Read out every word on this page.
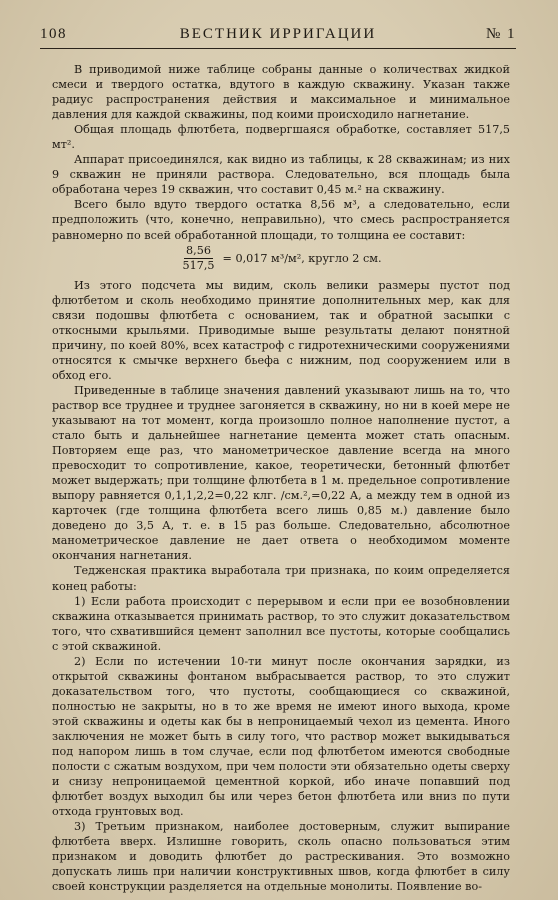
108	ВЕСТНИК ИРРИГАЦИИ	№ 1

В приводимой ниже таблице собраны данные о количествах жидкой смеси и твердого остатка, вдутого в каждую скважину. Указан также радиус распространения действия и максимальное и минимальное давления для каждой скважины, под коими происходило нагнетание.

Общая площадь флютбета, подвергшаяся обработке, составляет 517,5 мт².

Аппарат присоединялся, как видно из таблицы, к 28 скважинам; из них 9 скважин не приняли раствора. Следовательно, вся площадь была обработана через 19 скважин, что составит 0,45 м.² на скважину.

Всего было вдуто твердого остатка 8,56 м³, а следовательно, если предположить (что, конечно, неправильно), что смесь распространяется равномерно по всей обработанной площади, то толщина ее составит:

$\frac{8,56}{517,5} = 0,017$ м³/м², кругло 2 см.

Из этого подсчета мы видим, сколь велики размеры пустот под флютбетом и сколь необходимо принятие дополнительных мер, как для связи подошвы флютбета с основанием, так и обратной засыпки с откосными крыльями. Приводимые выше результаты делают понятной причину, по коей 80%, всех катастроф с гидротехническими сооружениями относятся к смычке верхнего бьефа с нижним, под сооружением или в обход его.

Приведенные в таблице значения давлений указывают лишь на то, что раствор все труднее и труднее загоняется в скважину, но ни в коей мере не указывают на тот момент, когда произошло полное наполнение пустот, а стало быть и дальнейшее нагнетание цемента может стать опасным. Повторяем еще раз, что манометрическое давление всегда на много превосходит то сопротивление, какое, теоретически, бетонный флютбет может выдержать; при толщине флютбета в 1 м. предельное сопротивление выпору равняется 0,1,1,2,2=0,22 клг. /см.²,=0,22 А, а между тем в одной из карточек (где толщина флютбета всего лишь 0,85 м.) давление было доведено до 3,5 А, т. е. в 15 раз больше. Следовательно, абсолютное манометрическое давление не дает ответа о необходимом моменте окончания нагнетания.

Тедженская практика выработала три признака, по коим определяется конец работы:

1) Если работа происходит с перерывом и если при ее возобновлении скважина отказывается принимать раствор, то это служит доказательством того, что схватившийся цемент заполнил все пустоты, которые сообщались с этой скважиной.

2) Если по истечении 10-ти минут после окончания зарядки, из открытой скважины фонтаном выбрасывается раствор, то это служит доказательством того, что пустоты, сообщающиеся со скважиной, полностью не закрыты, но в то же время не имеют иного выхода, кроме этой скважины и одеты как бы в непроницаемый чехол из цемента. Иного заключения не может быть в силу того, что раствор может выкидываться под напором лишь в том случае, если под флютбетом имеются свободные полости с сжатым воздухом, при чем полости эти обязательно одеты сверху и снизу непроницаемой цементной коркой, ибо иначе попавший под флютбет воздух выходил бы или через бетон флютбета или вниз по пути отхода грунтовых вод.

3) Третьим признаком, наиболее достоверным, служит выпирание флютбета вверх. Излишне говорить, сколь опасно пользоваться этим признаком и доводить флютбет до растрескивания. Это возможно допускать лишь при наличии конструктивных швов, когда флютбет в силу своей конструкции разделяется на отдельные монолиты. Появление во-
